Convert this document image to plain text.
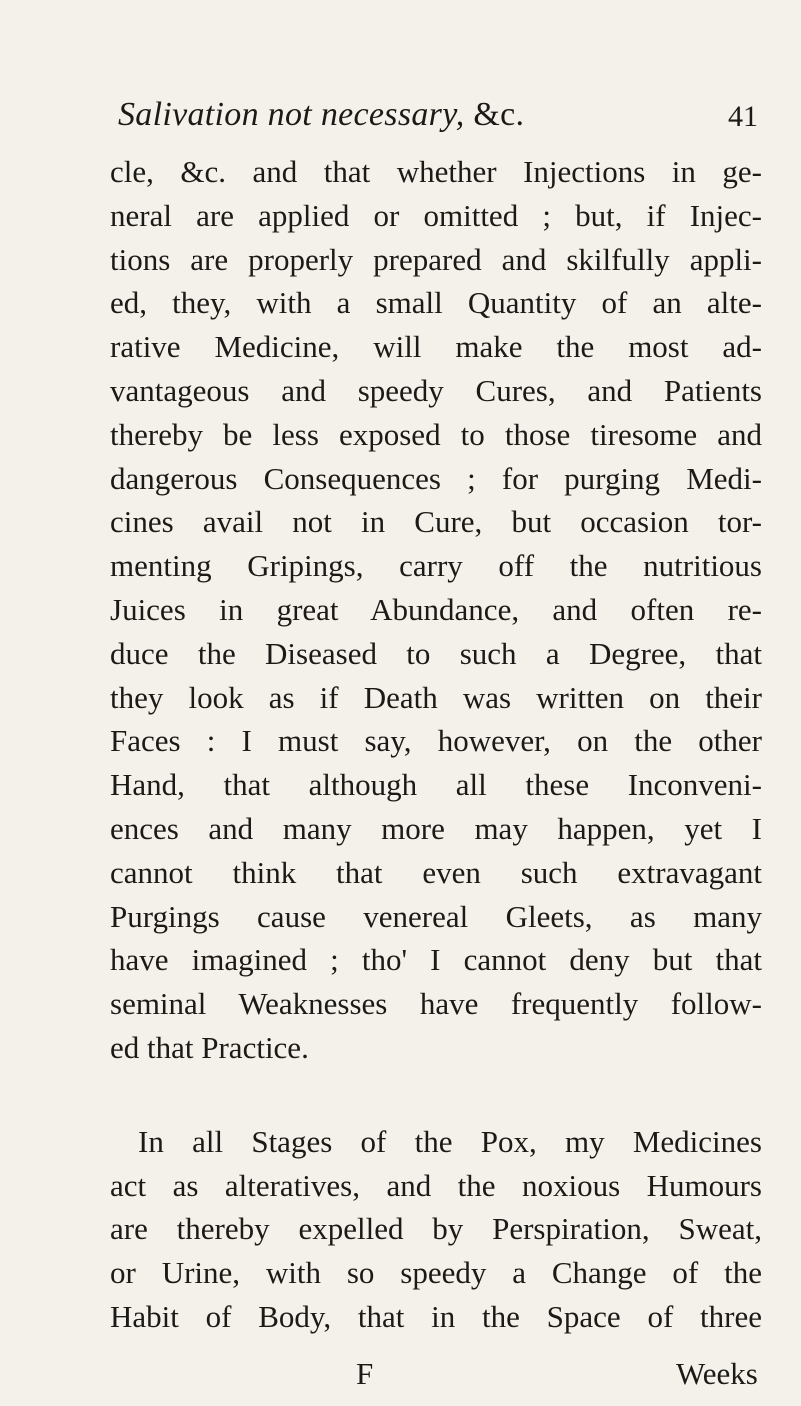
Salivation not necessary, &c.	41
cle, &c. and that whether Injections in ge-
neral are applied or omitted ; but, if Injec-
tions are properly prepared and skilfully appli-
ed, they, with a small Quantity of an alte-
rative Medicine, will make the most ad-
vantageous and speedy Cures, and Patients
thereby be less exposed to those tiresome and
dangerous Consequences ; for purging Medi-
cines avail not in Cure, but occasion tor-
menting Gripings, carry off the nutritious
Juices in great Abundance, and often re-
duce the Diseased to such a Degree, that
they look as if Death was written on their
Faces : I must say, however, on the other
Hand, that although all these Inconveni-
ences and many more may happen, yet I
cannot think that even such extravagant
Purgings cause venereal Gleets, as many
have imagined ; tho' I cannot deny but that
seminal Weaknesses have frequently follow-
ed that Practice.
In all Stages of the Pox, my Medicines
act as alteratives, and the noxious Humours
are thereby expelled by Perspiration, Sweat,
or Urine, with so speedy a Change of the
Habit of Body, that in the Space of three
F	Weeks
